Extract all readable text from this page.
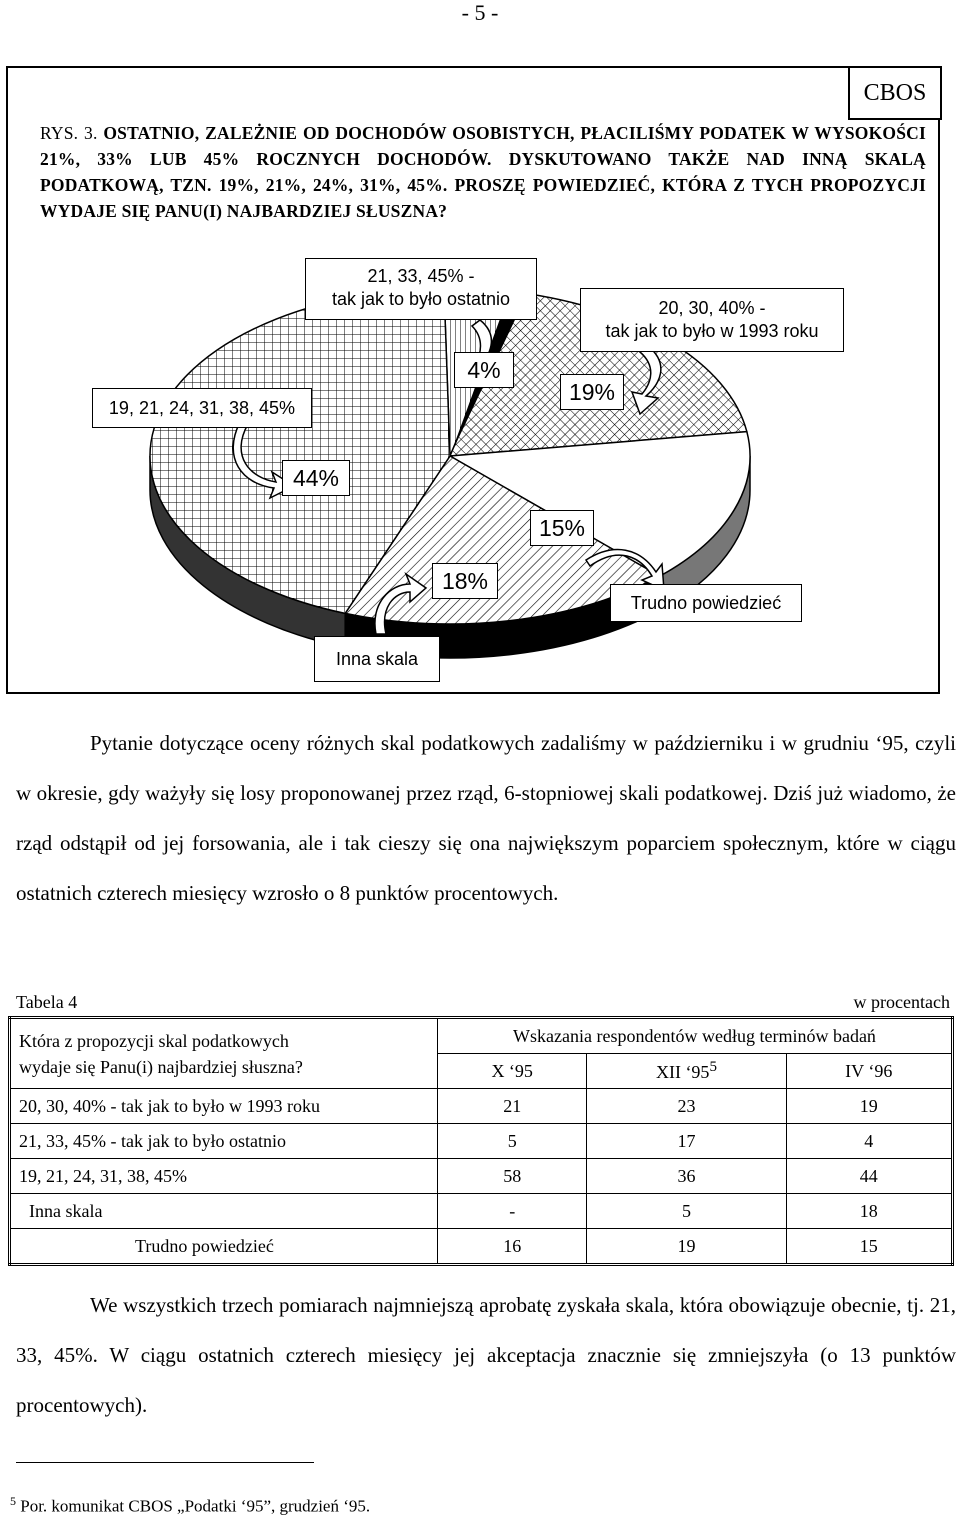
- 5 -
CBOS
RYS. 3. OSTATNIO, ZALEŻNIE OD DOCHODÓW OSOBISTYCH, PŁACILIŚMY PODATEK W WYSOKOŚCI 21%, 33% LUB 45% ROCZNYCH DOCHODÓW. DYSKUTOWANO TAKŻE NAD INNĄ SKALĄ PODATKOWĄ, TZN. 19%, 21%, 24%, 31%, 45%. PROSZĘ POWIEDZIEĆ, KTÓRA Z TYCH PROPOZYCJI WYDAJE SIĘ PANU(I) NAJBARDZIEJ SŁUSZNA?
4%
19%
15%
18%
44%
21, 33, 45% -
tak jak to było ostatnio	20, 30, 40% -
tak jak to było w 1993 roku
19, 21, 24, 31, 38, 45%
Trudno powiedzieć
Inna skala
Pytanie dotyczące oceny różnych skal podatkowych zadaliśmy w październiku i w grudniu ‘95, czyli w okresie, gdy ważyły się losy proponowanej przez rząd, 6-stopniowej skali podatkowej. Dziś już wiadomo, że rząd odstąpił od jej forsowania, ale i tak cieszy się ona największym poparciem społecznym, które w ciągu ostatnich czterech miesięcy wzrosło o 8 punktów procentowych.
Tabela 4	w procentach
Która z propozycji skal podatkowych
wydaje się Panu(i) najbardziej słuszna?	Wskazania respondentów według terminów badań		
	X ‘95	XII ‘$95^5$	IV ‘96
20, 30, 40% - tak jak to było w 1993 roku	21	23	19
21, 33, 45% - tak jak to było ostatnio	5	17	4
19, 21, 24, 31, 38, 45%	58	36	44
Inna skala	-	5	18
Trudno powiedzieć	16	19	15
We wszystkich trzech pomiarach najmniejszą aprobatę zyskała skala, która obowiązuje obecnie, tj. 21, 33, 45%. W ciągu ostatnich czterech miesięcy jej akceptacja znacznie się zmniejszyła (o 13 punktów procentowych).
$^5$ Por. komunikat CBOS „Podatki ‘95”, grudzień ‘95.
